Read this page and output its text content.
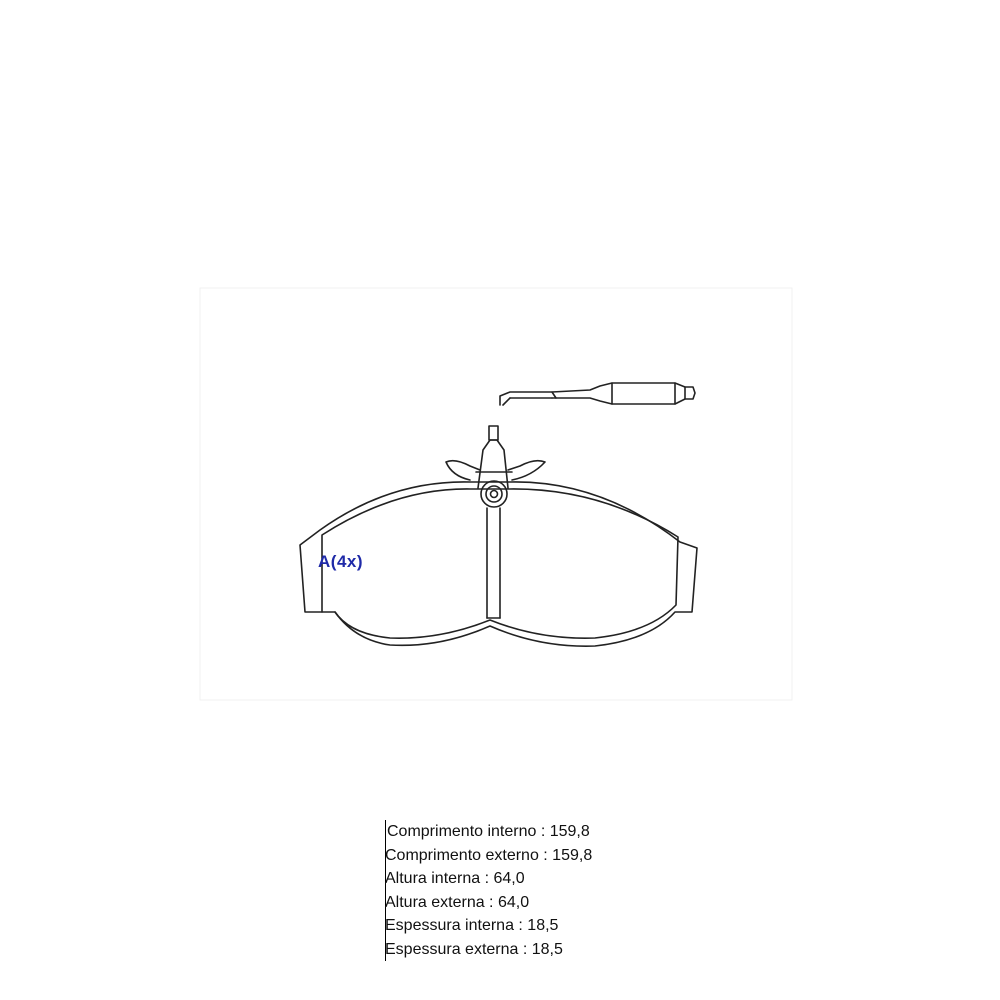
A(4x)
Comprimento interno : 159,8
Comprimento externo : 159,8
Altura interna : 64,0
Altura externa : 64,0
Espessura interna : 18,5
Espessura externa : 18,5
